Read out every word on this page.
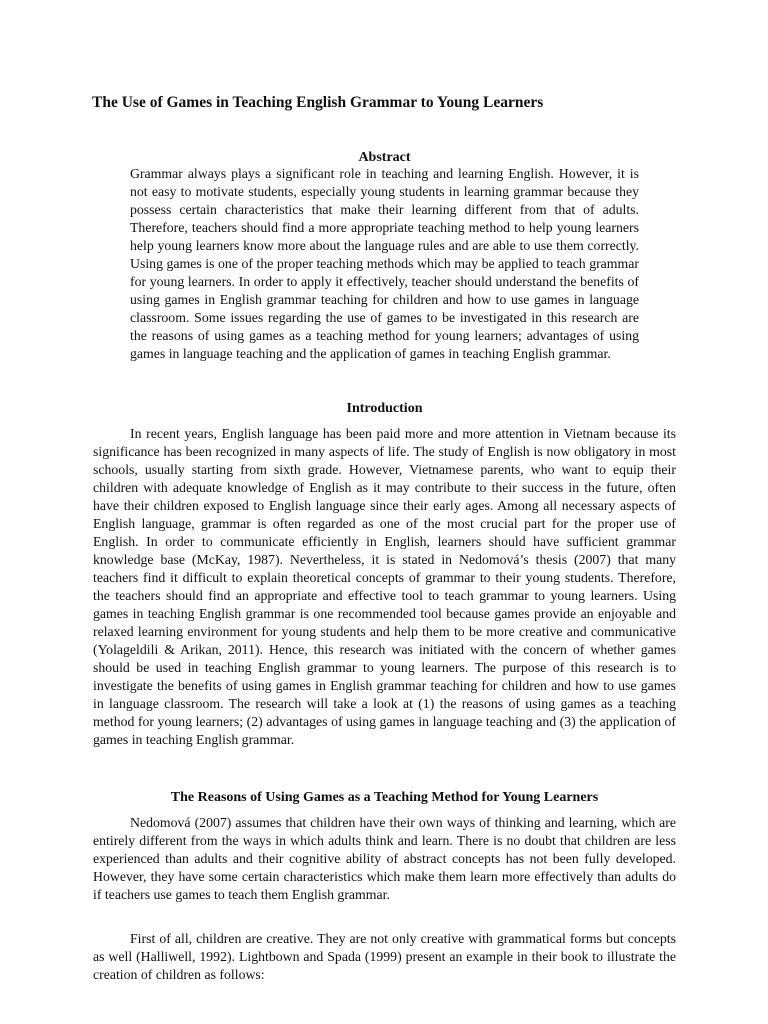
The Use of Games in Teaching English Grammar to Young Learners
Abstract

Grammar always plays a significant role in teaching and learning English. However, it is not easy to motivate students, especially young students in learning grammar because they possess certain characteristics that make their learning different from that of adults. Therefore, teachers should find a more appropriate teaching method to help young learners help young learners know more about the language rules and are able to use them correctly. Using games is one of the proper teaching methods which may be applied to teach grammar for young learners. In order to apply it effectively, teacher should understand the benefits of using games in English grammar teaching for children and how to use games in language classroom. Some issues regarding the use of games to be investigated in this research are the reasons of using games as a teaching method for young learners; advantages of using games in language teaching and the application of games in teaching English grammar.

Introduction

In recent years, English language has been paid more and more attention in Vietnam because its significance has been recognized in many aspects of life. The study of English is now obligatory in most schools, usually starting from sixth grade. However, Vietnamese parents, who want to equip their children with adequate knowledge of English as it may contribute to their success in the future, often have their children exposed to English language since their early ages. Among all necessary aspects of English language, grammar is often regarded as one of the most crucial part for the proper use of English. In order to communicate efficiently in English, learners should have sufficient grammar knowledge base (McKay, 1987). Nevertheless, it is stated in Nedomová’s thesis (2007) that many teachers find it difficult to explain theoretical concepts of grammar to their young students. Therefore, the teachers should find an appropriate and effective tool to teach grammar to young learners. Using games in teaching English grammar is one recommended tool because games provide an enjoyable and relaxed learning environment for young students and help them to be more creative and communicative (Yolageldili & Arikan, 2011). Hence, this research was initiated with the concern of whether games should be used in teaching English grammar to young learners. The purpose of this research is to investigate the benefits of using games in English grammar teaching for children and how to use games in language classroom. The research will take a look at (1) the reasons of using games as a teaching method for young learners; (2) advantages of using games in language teaching and (3) the application of games in teaching English grammar.

The Reasons of Using Games as a Teaching Method for Young Learners

Nedomová (2007) assumes that children have their own ways of thinking and learning, which are entirely different from the ways in which adults think and learn. There is no doubt that children are less experienced than adults and their cognitive ability of abstract concepts has not been fully developed. However, they have some certain characteristics which make them learn more effectively than adults do if teachers use games to teach them English grammar.

First of all, children are creative. They are not only creative with grammatical forms but concepts as well (Halliwell, 1992). Lightbown and Spada (1999) present an example in their book to illustrate the creation of children as follows:
